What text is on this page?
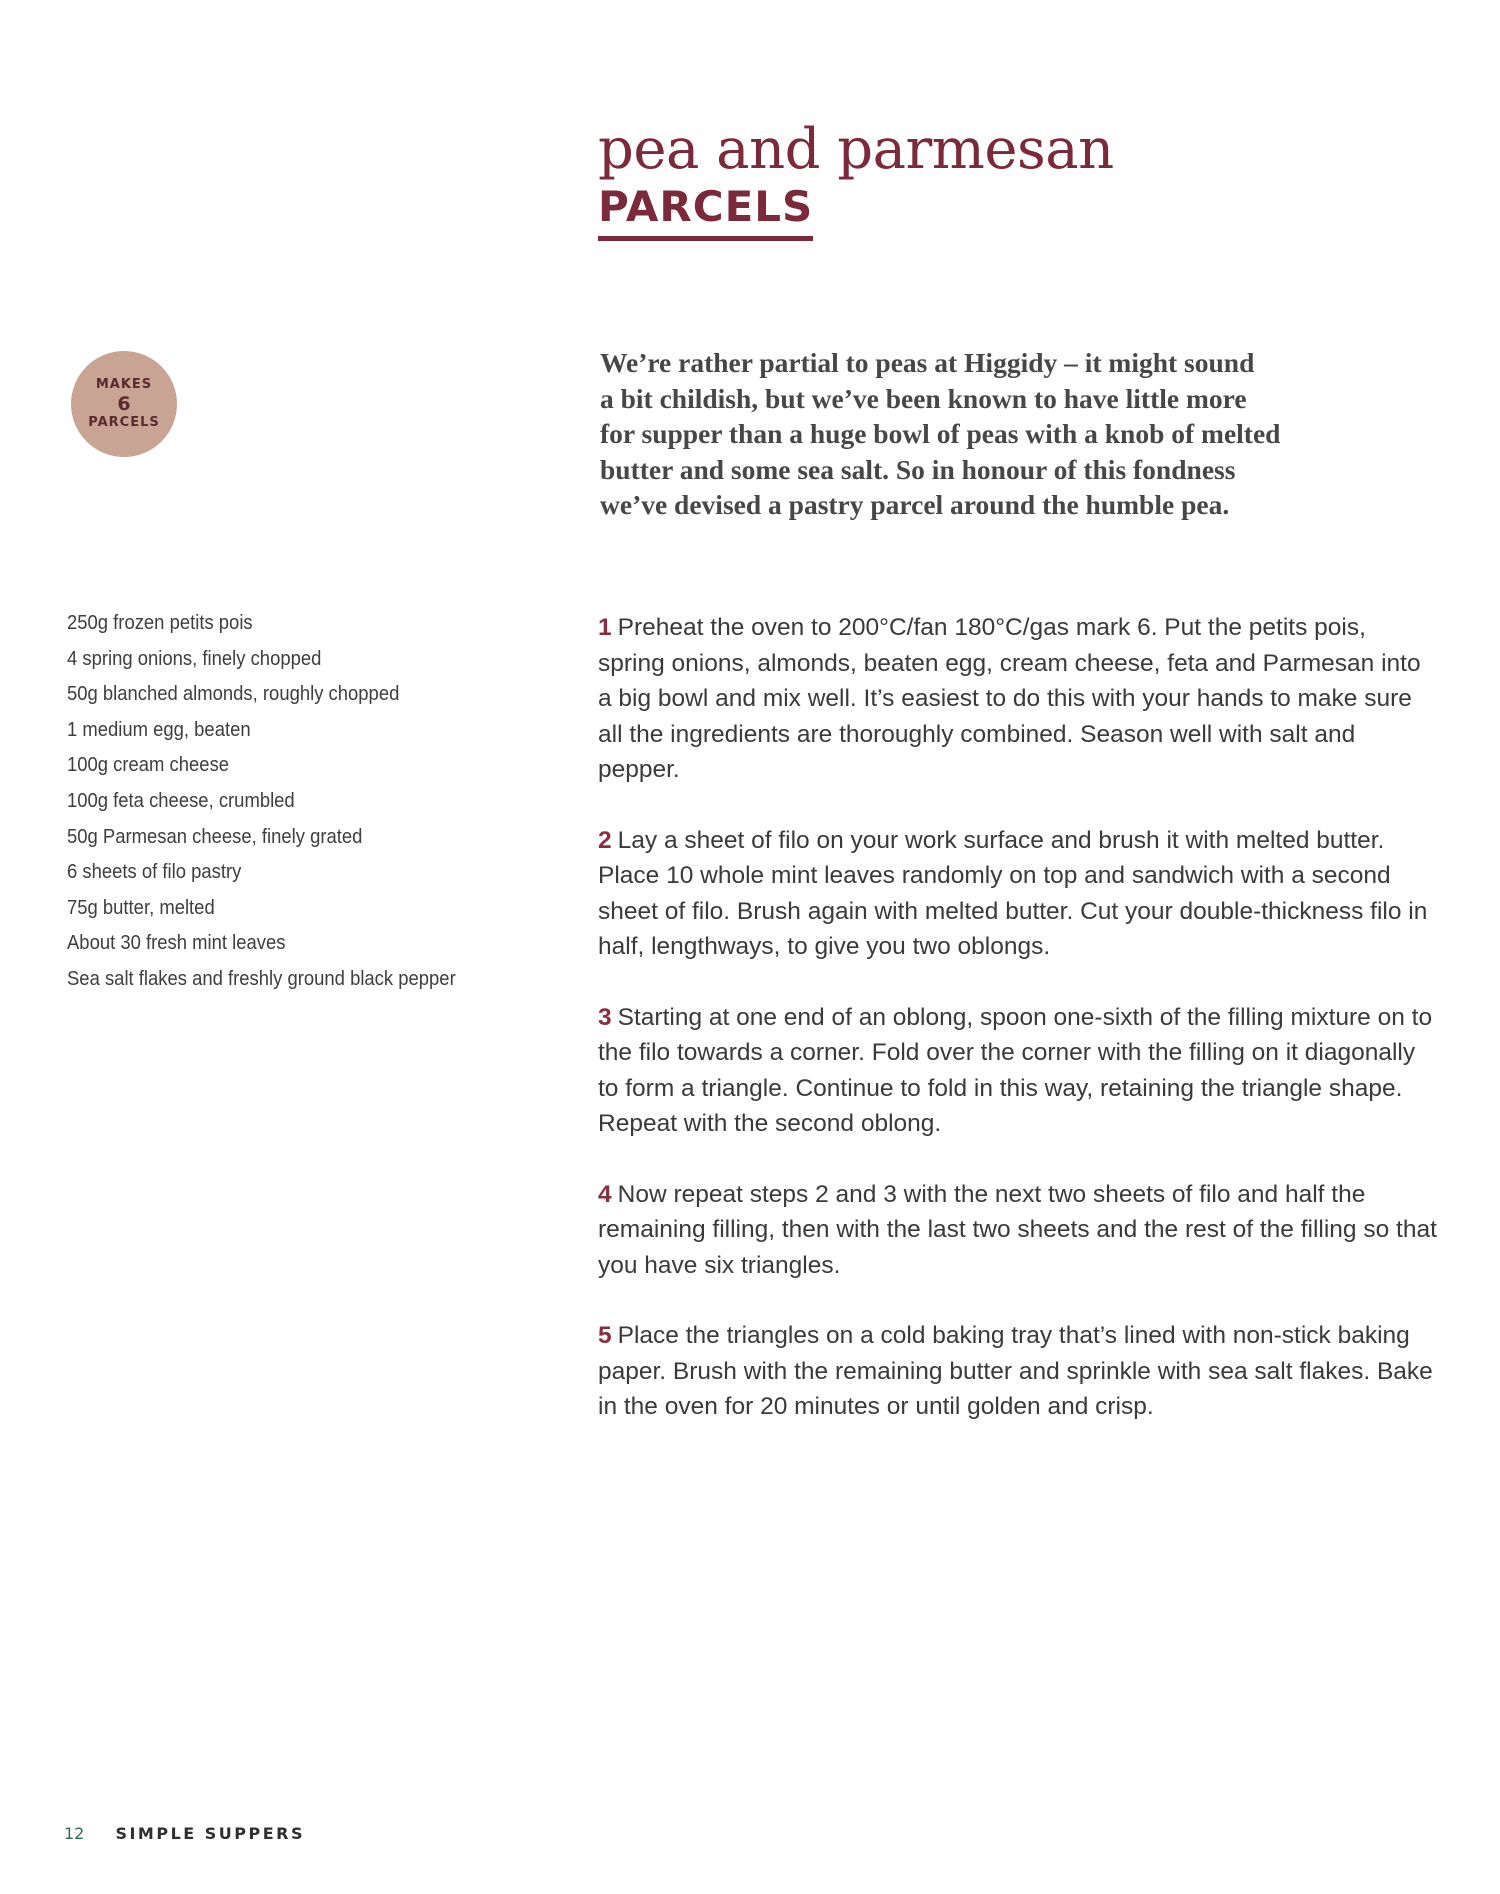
pea and parmesan
PARCELS
MAKES
6
PARCELS
We’re rather partial to peas at Higgidy – it might sound
a bit childish, but we’ve been known to have little more
for supper than a huge bowl of peas with a knob of melted
butter and some sea salt. So in honour of this fondness
we’ve devised a pastry parcel around the humble pea.
250g frozen petits pois
4 spring onions, finely chopped
50g blanched almonds, roughly chopped
1 medium egg, beaten
100g cream cheese
100g feta cheese, crumbled
50g Parmesan cheese, finely grated
6 sheets of filo pastry
75g butter, melted
About 30 fresh mint leaves
Sea salt flakes and freshly ground black pepper

1 Preheat the oven to 200°C/fan 180°C/gas mark 6. Put the petits pois, spring onions, almonds, beaten egg, cream cheese, feta and Parmesan into a big bowl and mix well. It’s easiest to do this with your hands to make sure all the ingredients are thoroughly combined. Season well with salt and pepper.

2 Lay a sheet of filo on your work surface and brush it with melted butter. Place 10 whole mint leaves randomly on top and sandwich with a second sheet of filo. Brush again with melted butter. Cut your double-thickness filo in half, lengthways, to give you two oblongs.

3 Starting at one end of an oblong, spoon one-sixth of the filling mixture on to the filo towards a corner. Fold over the corner with the filling on it diagonally to form a triangle. Continue to fold in this way, retaining the triangle shape. Repeat with the second oblong.

4 Now repeat steps 2 and 3 with the next two sheets of filo and half the remaining filling, then with the last two sheets and the rest of the filling so that you have six triangles.

5 Place the triangles on a cold baking tray that’s lined with non-stick baking paper. Brush with the remaining butter and sprinkle with sea salt flakes. Bake in the oven for 20 minutes or until golden and crisp.

12 SIMPLE SUPPERS
